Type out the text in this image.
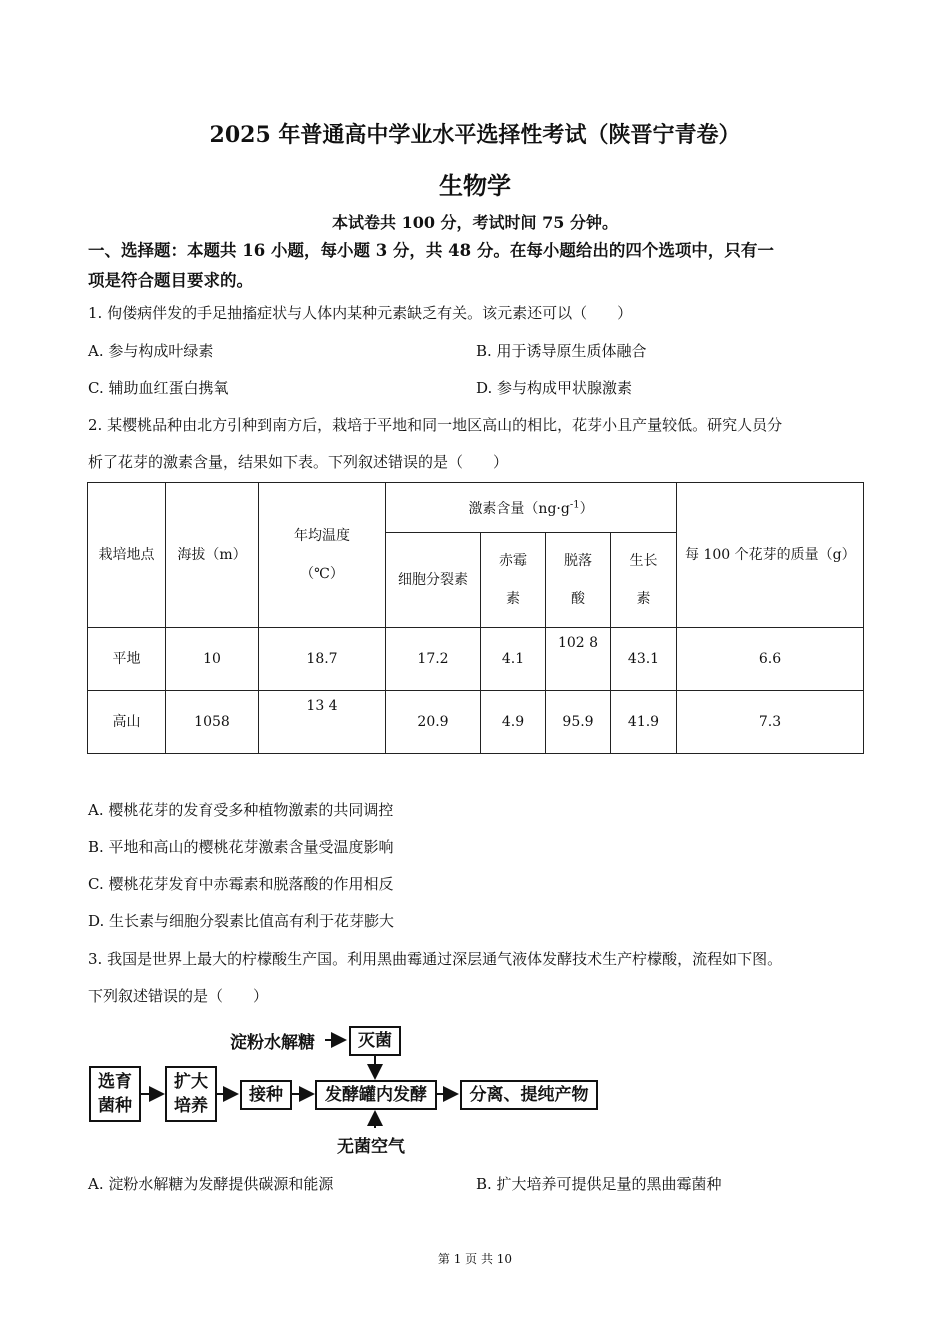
2025 年普通高中学业水平选择性考试（陕晋宁青卷）
生物学
本试卷共 100 分，考试时间 75 分钟。
一、选择题：本题共 16 小题，每小题 3 分，共 48 分。在每小题给出的四个选项中，只有一
项是符合题目要求的。
1. 佝偻病伴发的手足抽搐症状与人体内某种元素缺乏有关。该元素还可以（　　）
A. 参与构成叶绿素	B. 用于诱导原生质体融合
C. 辅助血红蛋白携氧	D. 参与构成甲状腺激素
2. 某樱桃品种由北方引种到南方后，栽培于平地和同一地区高山的相比，花芽小且产量较低。研究人员分
析了花芽的激素含量，结果如下表。下列叙述错误的是（　　）
栽培地点	海拔（m）	年均温度（℃）	激素含量$(ng\cdot g^{-1})$				每 100 个花芽的质量（g）
			细胞分裂素	赤霉素	脱落酸	生长素	
平地	10	18.7	17.2	4.1	102 8	43.1	6.6
高山	1058	13 4	20.9	4.9	95.9	41.9	7.3
A. 樱桃花芽的发育受多种植物激素的共同调控
B. 平地和高山的樱桃花芽激素含量受温度影响
C. 樱桃花芽发育中赤霉素和脱落酸的作用相反
D. 生长素与细胞分裂素比值高有利于花芽膨大
3. 我国是世界上最大的柠檬酸生产国。利用黑曲霉通过深层通气液体发酵技术生产柠檬酸，流程如下图。
下列叙述错误的是（　　）
淀粉水解糖	灭菌
选育
菌种
扩大
培养
接种	发酵罐内发酵	分离、提纯产物
无菌空气
A. 淀粉水解糖为发酵提供碳源和能源	B. 扩大培养可提供足量的黑曲霉菌种
第 1 页 共 10
